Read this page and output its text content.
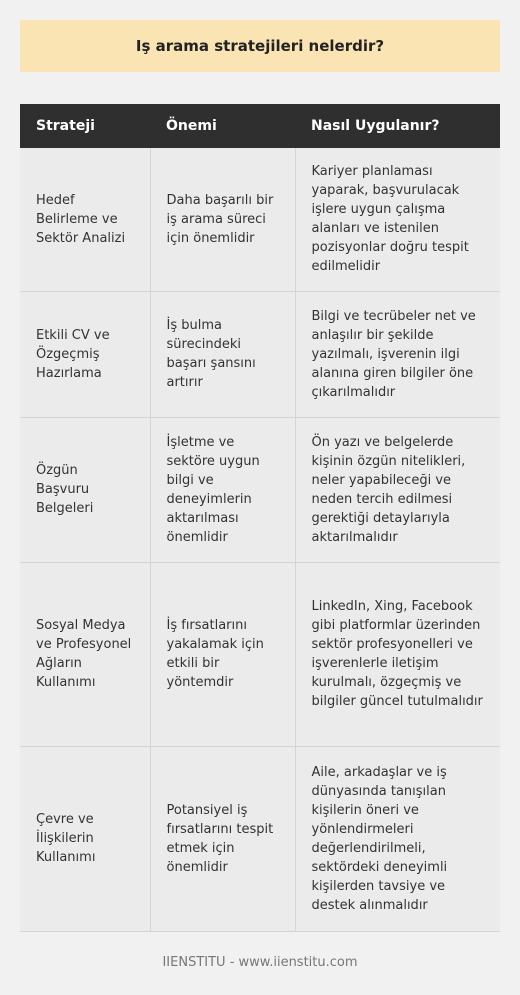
Iş arama stratejileri nelerdir?
Strateji	Önemi	Nasıl Uygulanır?
Hedef Belirleme ve Sektör Analizi	Daha başarılı bir iş arama süreci için önemlidir	Kariyer planlaması yaparak, başvurulacak işlere uygun çalışma alanları ve istenilen pozisyonlar doğru tespit edilmelidir
Etkili CV ve Özgeçmiş Hazırlama	İş bulma sürecindeki başarı şansını artırır	Bilgi ve tecrübeler net ve anlaşılır bir şekilde yazılmalı, işverenin ilgi alanına giren bilgiler öne çıkarılmalıdır
Özgün Başvuru Belgeleri	İşletme ve sektöre uygun bilgi ve deneyimlerin aktarılması önemlidir	Ön yazı ve belgelerde kişinin özgün nitelikleri, neler yapabileceği ve neden tercih edilmesi gerektiği detaylarıyla aktarılmalıdır
Sosyal Medya ve Profesyonel Ağların Kullanımı	İş fırsatlarını yakalamak için etkili bir yöntemdir	LinkedIn, Xing, Facebook gibi platformlar üzerinden sektör profesyonelleri ve işverenlerle iletişim kurulmalı, özgeçmiş ve bilgiler güncel tutulmalıdır
Çevre ve İlişkilerin Kullanımı	Potansiyel iş fırsatlarını tespit etmek için önemlidir	Aile, arkadaşlar ve iş dünyasında tanışılan kişilerin öneri ve yönlendirmeleri değerlendirilmeli, sektördeki deneyimli kişilerden tavsiye ve destek alınmalıdır
IIENSTITU - www.iienstitu.com
